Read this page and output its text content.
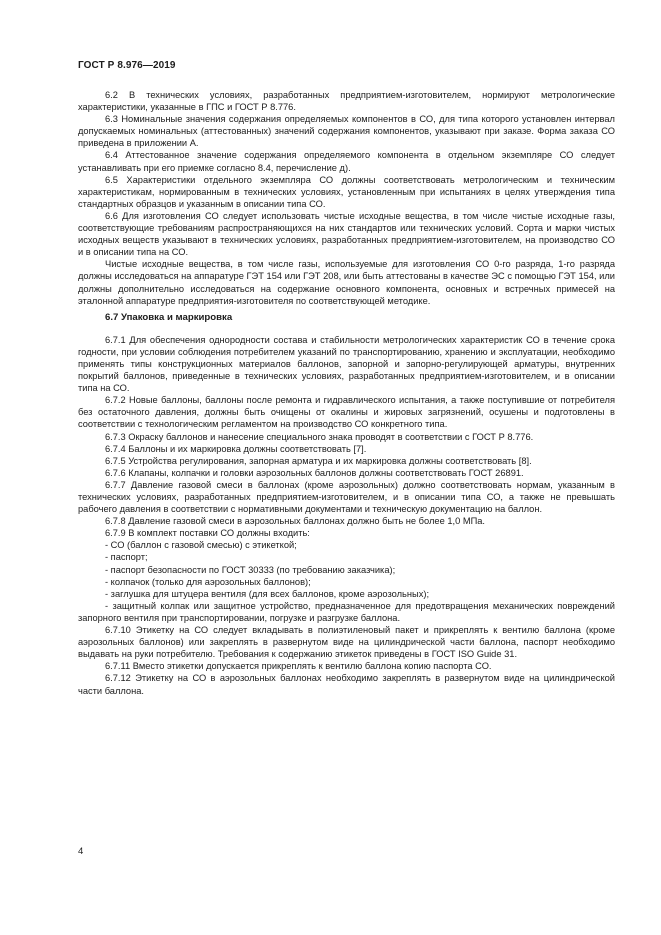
ГОСТ Р 8.976—2019

6.2 В технических условиях, разработанных предприятием-изготовителем, нормируют метрологические характеристики, указанные в ГПС и ГОСТ Р 8.776.

6.3 Номинальные значения содержания определяемых компонентов в СО, для типа которого установлен интервал допускаемых номинальных (аттестованных) значений содержания компонентов, указывают при заказе. Форма заказа СО приведена в приложении А.

6.4 Аттестованное значение содержания определяемого компонента в отдельном экземпляре СО следует устанавливать при его приемке согласно 8.4, перечисление д).

6.5 Характеристики отдельного экземпляра СО должны соответствовать метрологическим и техническим характеристикам, нормированным в технических условиях, установленным при испытаниях в целях утверждения типа стандартных образцов и указанным в описании типа СО.

6.6 Для изготовления СО следует использовать чистые исходные вещества, в том числе чистые исходные газы, соответствующие требованиям распространяющихся на них стандартов или технических условий. Сорта и марки чистых исходных веществ указывают в технических условиях, разработанных предприятием-изготовителем, на производство СО и в описании типа на СО.

Чистые исходные вещества, в том числе газы, используемые для изготовления СО 0-го разряда, 1-го разряда должны исследоваться на аппаратуре ГЭТ 154 или ГЭТ 208, или быть аттестованы в качестве ЭС с помощью ГЭТ 154, или должны дополнительно исследоваться на содержание основного компонента, основных и встречных примесей на эталонной аппаратуре предприятия-изготовителя по соответствующей методике.

6.7 Упаковка и маркировка

6.7.1 Для обеспечения однородности состава и стабильности метрологических характеристик СО в течение срока годности, при условии соблюдения потребителем указаний по транспортированию, хранению и эксплуатации, необходимо применять типы конструкционных материалов баллонов, запорной и запорно-регулирующей арматуры, внутренних покрытий баллонов, приведенные в технических условиях, разработанных предприятием-изготовителем, и в описании типа на СО.

6.7.2 Новые баллоны, баллоны после ремонта и гидравлического испытания, а также поступившие от потребителя без остаточного давления, должны быть очищены от окалины и жировых загрязнений, осушены и подготовлены в соответствии с технологическим регламентом на производство СО конкретного типа.

6.7.3 Окраску баллонов и нанесение специального знака проводят в соответствии с ГОСТ Р 8.776.

6.7.4 Баллоны и их маркировка должны соответствовать [7].

6.7.5 Устройства регулирования, запорная арматура и их маркировка должны соответствовать [8].

6.7.6 Клапаны, колпачки и головки аэрозольных баллонов должны соответствовать ГОСТ 26891.

6.7.7 Давление газовой смеси в баллонах (кроме аэрозольных) должно соответствовать нормам, указанным в технических условиях, разработанных предприятием-изготовителем, и в описании типа СО, а также не превышать рабочего давления в соответствии с нормативными документами и техническую документацию на баллон.

6.7.8 Давление газовой смеси в аэрозольных баллонах должно быть не более 1,0 МПа.

6.7.9 В комплект поставки СО должны входить:

- СО (баллон с газовой смесью) с этикеткой;

- паспорт;

- паспорт безопасности по ГОСТ 30333 (по требованию заказчика);

- колпачок (только для аэрозольных баллонов);

- заглушка для штуцера вентиля (для всех баллонов, кроме аэрозольных);

- защитный колпак или защитное устройство, предназначенное для предотвращения механических повреждений запорного вентиля при транспортировании, погрузке и разгрузке баллона.

6.7.10 Этикетку на СО следует вкладывать в полиэтиленовый пакет и прикреплять к вентилю баллона (кроме аэрозольных баллонов) или закреплять в развернутом виде на цилиндрической части баллона, паспорт необходимо выдавать на руки потребителю. Требования к содержанию этикеток приведены в ГОСТ ISO Guide 31.

6.7.11 Вместо этикетки допускается прикреплять к вентилю баллона копию паспорта СО.

6.7.12 Этикетку на СО в аэрозольных баллонах необходимо закреплять в развернутом виде на цилиндрической части баллона.

4
